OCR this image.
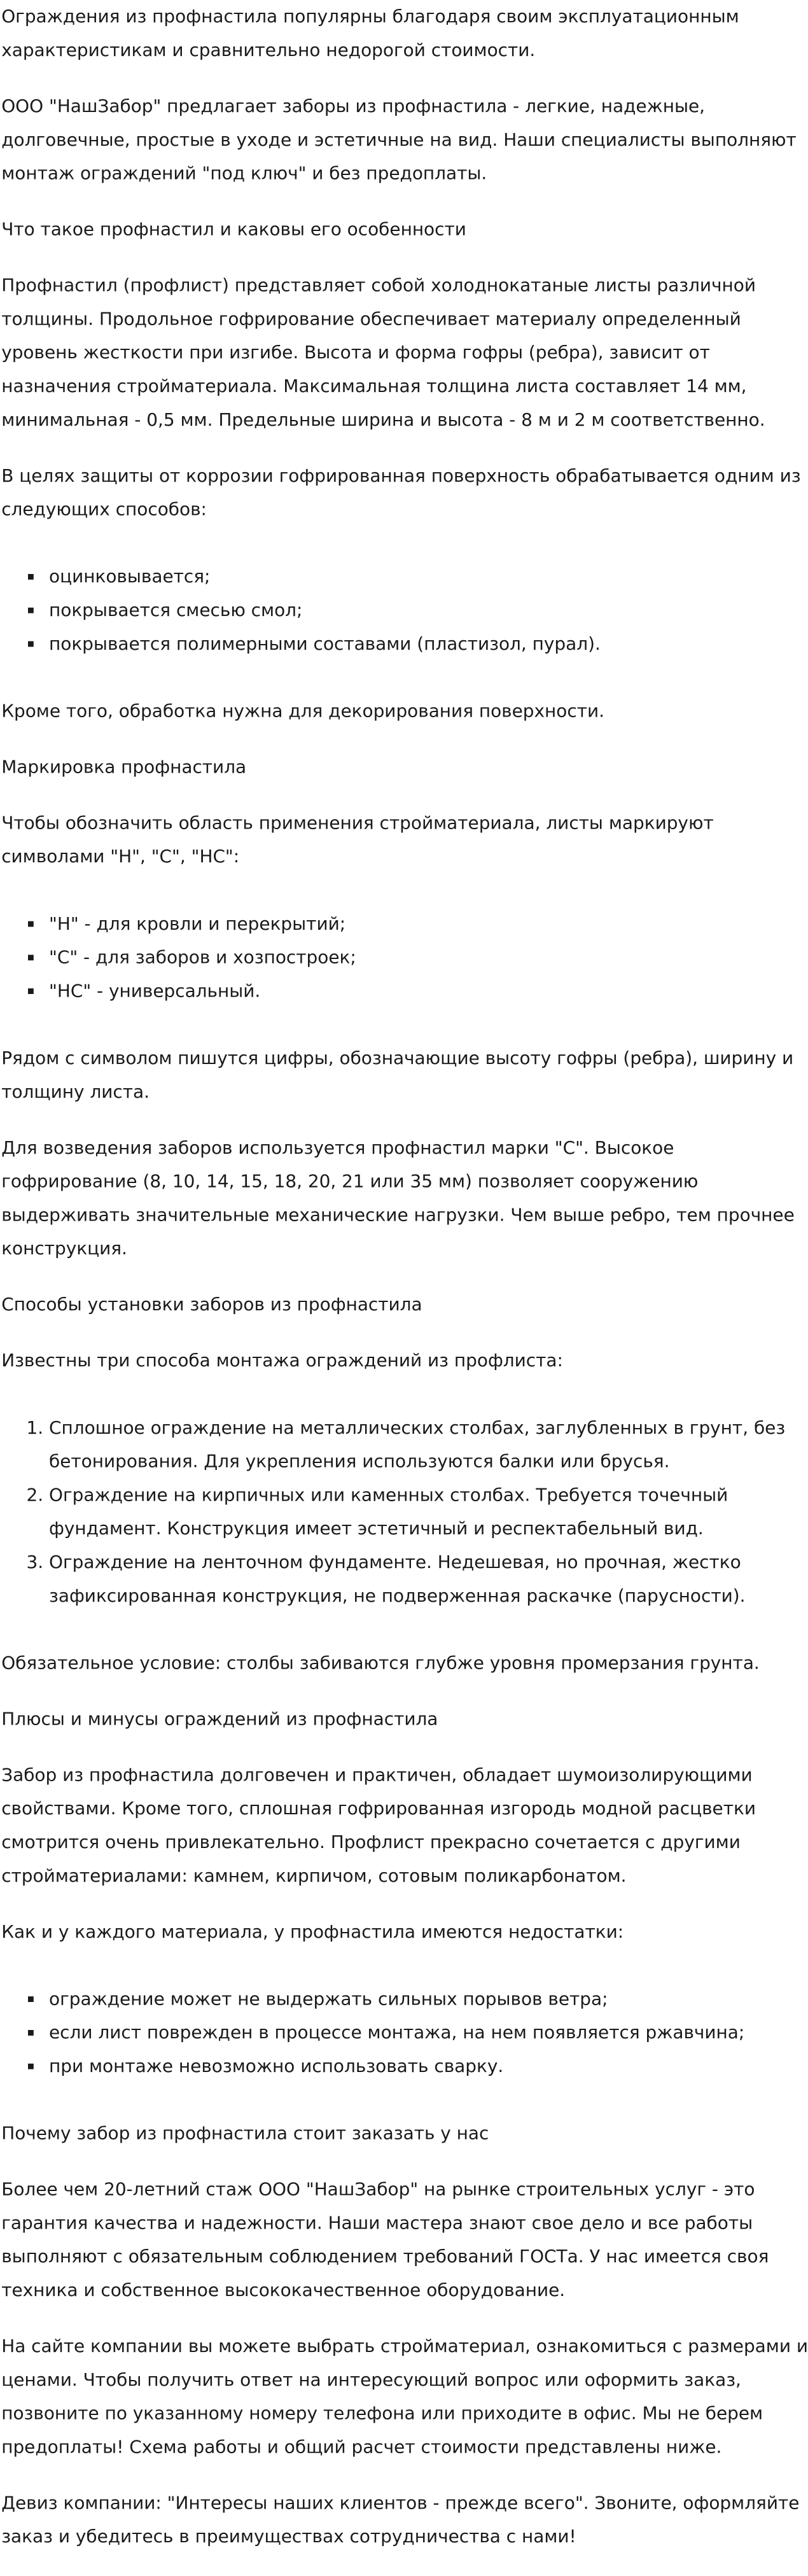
Ограждения из профнастила популярны благодаря своим эксплуатационным характеристикам и сравнительно недорогой стоимости.

ООО "НашЗабор" предлагает заборы из профнастила - легкие, надежные, долговечные, простые в уходе и эстетичные на вид. Наши специалисты выполняют монтаж ограждений "под ключ" и без предоплаты.

Что такое профнастил и каковы его особенности

Профнастил (профлист) представляет собой холоднокатаные листы различной толщины. Продольное гофрирование обеспечивает материалу определенный уровень жесткости при изгибе. Высота и форма гофры (ребра), зависит от назначения стройматериала. Максимальная толщина листа составляет 14 мм, минимальная - 0,5 мм. Предельные ширина и высота - 8 м и 2 м соответственно.

В целях защиты от коррозии гофрированная поверхность обрабатывается одним из следующих способов:

▪ оцинковывается;
▪ покрывается смесью смол;
▪ покрывается полимерными составами (пластизол, пурал).

Кроме того, обработка нужна для декорирования поверхности.

Маркировка профнастила

Чтобы обозначить область применения стройматериала, листы маркируют символами "Н", "С", "НС":

▪ "Н" - для кровли и перекрытий;
▪ "С" - для заборов и хозпостроек;
▪ "НС" - универсальный.

Рядом с символом пишутся цифры, обозначающие высоту гофры (ребра), ширину и толщину листа.

Для возведения заборов используется профнастил марки "С". Высокое гофрирование (8, 10, 14, 15, 18, 20, 21 или 35 мм) позволяет сооружению выдерживать значительные механические нагрузки. Чем выше ребро, тем прочнее конструкция.

Способы установки заборов из профнастила

Известны три способа монтажа ограждений из профлиста:

1. Сплошное ограждение на металлических столбах, заглубленных в грунт, без бетонирования. Для укрепления используются балки или брусья.
2. Ограждение на кирпичных или каменных столбах. Требуется точечный фундамент. Конструкция имеет эстетичный и респектабельный вид.
3. Ограждение на ленточном фундаменте. Недешевая, но прочная, жестко зафиксированная конструкция, не подверженная раскачке (парусности).

Обязательное условие: столбы забиваются глубже уровня промерзания грунта.

Плюсы и минусы ограждений из профнастила

Забор из профнастила долговечен и практичен, обладает шумоизолирующими свойствами. Кроме того, сплошная гофрированная изгородь модной расцветки смотрится очень привлекательно. Профлист прекрасно сочетается с другими стройматериалами: камнем, кирпичом, сотовым поликарбонатом.

Как и у каждого материала, у профнастила имеются недостатки:

▪ ограждение может не выдержать сильных порывов ветра;
▪ если лист поврежден в процессе монтажа, на нем появляется ржавчина;
▪ при монтаже невозможно использовать сварку.

Почему забор из профнастила стоит заказать у нас

Более чем 20-летний стаж ООО "НашЗабор" на рынке строительных услуг - это гарантия качества и надежности. Наши мастера знают свое дело и все работы выполняют с обязательным соблюдением требований ГОСТа. У нас имеется своя техника и собственное высококачественное оборудование.

На сайте компании вы можете выбрать стройматериал, ознакомиться с размерами и ценами. Чтобы получить ответ на интересующий вопрос или оформить заказ, позвоните по указанному номеру телефона или приходите в офис. Мы не берем предоплаты! Схема работы и общий расчет стоимости представлены ниже.

Девиз компании: "Интересы наших клиентов - прежде всего". Звоните, оформляйте заказ и убедитесь в преимуществах сотрудничества с нами!
